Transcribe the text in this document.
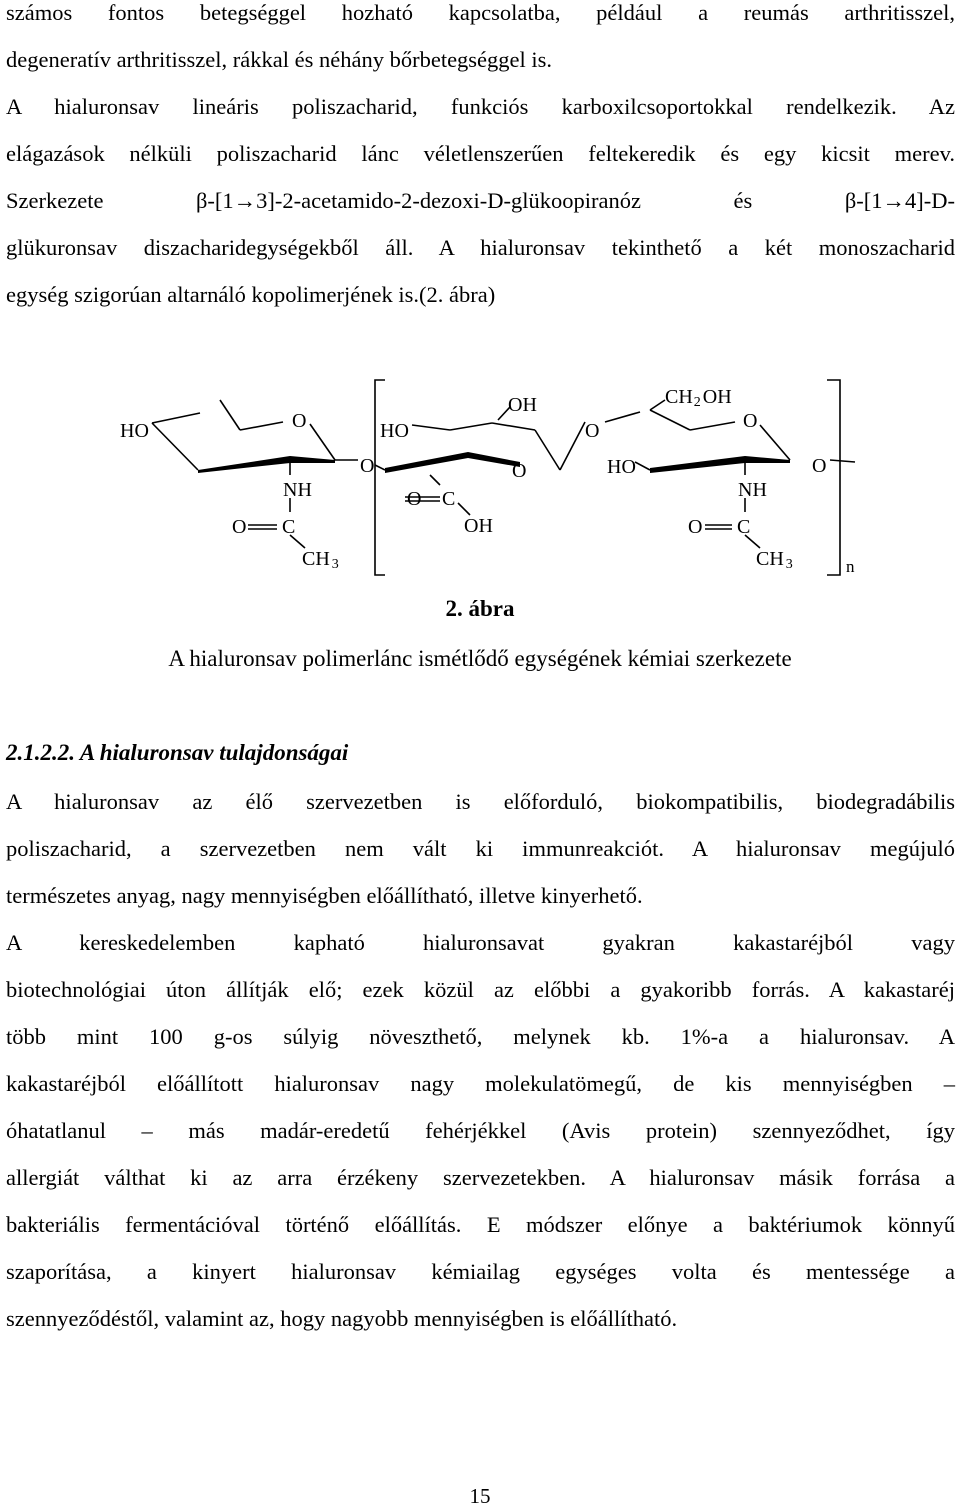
számos fontos betegséggel hozható kapcsolatba, például a reumás arthritisszel,
degeneratív arthritisszel, rákkal és néhány bőrbetegséggel is.
A hialuronsav lineáris poliszacharid, funkciós karboxilcsoportokkal rendelkezik. Az
elágazások nélküli poliszacharid lánc véletlenszerűen feltekeredik és egy kicsit merev.
Szerkezete β-[1→3]-2-acetamido-2-dezoxi-D-glükoopiranóz és β-[1→4]-D-
glükuronsav diszacharidegységekből áll. A hialuronsav tekinthető a két monoszacharid
egység szigorúan altarnáló kopolimerjének is.(2. ábra)
HO	O
NH
O C
CH 3
O
HO
OH
O
O C
OH
O
CH2 OH
O
HO
NH
O C
CH 3
O
n
2. ábra
A hialuronsav polimerlánc ismétlődő egységének kémiai szerkezete
2.1.2.2. A hialuronsav tulajdonságai
A hialuronsav az élő szervezetben is előforduló, biokompatibilis, biodegradábilis
poliszacharid, a szervezetben nem vált ki immunreakciót. A hialuronsav megújuló
természetes anyag, nagy mennyiségben előállítható, illetve kinyerhető.
A kereskedelemben kapható hialuronsavat gyakran kakastaréjból vagy
biotechnológiai úton állítják elő; ezek közül az előbbi a gyakoribb forrás. A kakastaréj
több mint 100 g-os súlyig növeszthető, melynek kb. 1%-a a hialuronsav. A
kakastaréjból előállított hialuronsav nagy molekulatömegű, de kis mennyiségben –
óhatatlanul – más madár-eredetű fehérjékkel (Avis protein) szennyeződhet, így
allergiát válthat ki az arra érzékeny szervezetekben. A hialuronsav másik forrása a
bakteriális fermentációval történő előállítás. E módszer előnye a baktériumok könnyű
szaporítása, a kinyert hialuronsav kémiailag egységes volta és mentessége a
szennyeződéstől, valamint az, hogy nagyobb mennyiségben is előállítható.
15
